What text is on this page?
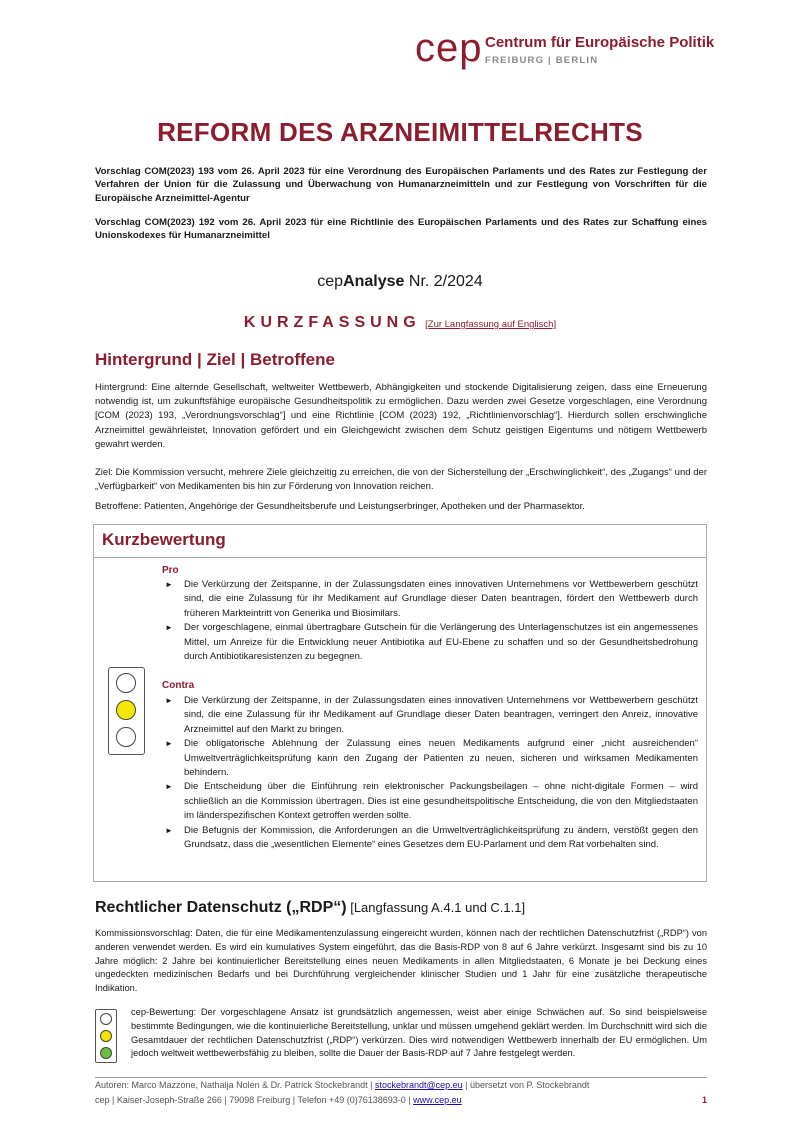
cep Centrum für Europäische Politik
FREIBURG | BERLIN
REFORM DES ARZNEIMITTELRECHTS
Vorschlag COM(2023) 193 vom 26. April 2023 für eine Verordnung des Europäischen Parlaments und des Rates zur Festlegung der Verfahren der Union für die Zulassung und Überwachung von Humanarzneimitteln und zur Festlegung von Vorschriften für die Europäische Arzneimittel-Agentur
Vorschlag COM(2023) 192 vom 26. April 2023 für eine Richtlinie des Europäischen Parlaments und des Rates zur Schaffung eines Unionskodexes für Humanarzneimittel
cepAnalyse Nr. 2/2024
KURZFASSUNG [Zur Langfassung auf Englisch]
Hintergrund | Ziel | Betroffene
Hintergrund: Eine alternde Gesellschaft, weltweiter Wettbewerb, Abhängigkeiten und stockende Digitalisierung zeigen, dass eine Erneuerung notwendig ist, um zukunftsfähige europäische Gesundheitspolitik zu ermöglichen. Dazu werden zwei Gesetze vorgeschlagen, eine Verordnung [COM (2023) 193, „Verordnungsvorschlag“] und eine Richtlinie [COM (2023) 192, „Richtlinienvorschlag“]. Hierdurch sollen erschwingliche Arzneimittel gewährleistet, Innovation gefördert und ein Gleichgewicht zwischen dem Schutz geistigen Eigentums und nötigem Wettbewerb gewahrt werden.
Ziel: Die Kommission versucht, mehrere Ziele gleichzeitig zu erreichen, die von der Sicherstellung der „Erschwinglichkeit“, des „Zugangs“ und der „Verfügbarkeit“ von Medikamenten bis hin zur Förderung von Innovation reichen.
Betroffene: Patienten, Angehörige der Gesundheitsberufe und Leistungserbringer, Apotheken und der Pharmasektor.
Kurzbewertung
Pro
► Die Verkürzung der Zeitspanne, in der Zulassungsdaten eines innovativen Unternehmens vor Wettbewerbern geschützt sind, die eine Zulassung für ihr Medikament auf Grundlage dieser Daten beantragen, fördert den Wettbewerb durch früheren Markteintritt von Generika und Biosimilars.
► Der vorgeschlagene, einmal übertragbare Gutschein für die Verlängerung des Unterlagenschutzes ist ein angemessenes Mittel, um Anreize für die Entwicklung neuer Antibiotika auf EU-Ebene zu schaffen und so der Gesundheitsbedrohung durch Antibiotikaresistenzen zu begegnen.
Contra
► Die Verkürzung der Zeitspanne, in der Zulassungsdaten eines innovativen Unternehmens vor Wettbewerbern geschützt sind, die eine Zulassung für ihr Medikament auf Grundlage dieser Daten beantragen, verringert den Anreiz, innovative Arzneimittel auf den Markt zu bringen.
► Die obligatorische Ablehnung der Zulassung eines neuen Medikaments aufgrund einer „nicht ausreichenden“ Umweltverträglichkeitsprüfung kann den Zugang der Patienten zu neuen, sicheren und wirksamen Medikamenten behindern.
► Die Entscheidung über die Einführung rein elektronischer Packungsbeilagen – ohne nicht-digitale Formen – wird schließlich an die Kommission übertragen. Dies ist eine gesundheitspolitische Entscheidung, die von den Mitgliedstaaten im länderspezifischen Kontext getroffen werden sollte.
► Die Befugnis der Kommission, die Anforderungen an die Umweltverträglichkeitsprüfung zu ändern, verstößt gegen den Grundsatz, dass die „wesentlichen Elemente“ eines Gesetzes dem EU-Parlament und dem Rat vorbehalten sind.
Rechtlicher Datenschutz („RDP“) [Langfassung A.4.1 und C.1.1]
Kommissionsvorschlag: Daten, die für eine Medikamentenzulassung eingereicht wurden, können nach der rechtlichen Datenschutzfrist („RDP“) von anderen verwendet werden. Es wird ein kumulatives System eingeführt, das die Basis-RDP von 8 auf 6 Jahre verkürzt. Insgesamt sind bis zu 10 Jahre möglich: 2 Jahre bei kontinuierlicher Bereitstellung eines neuen Medikaments in allen Mitgliedstaaten, 6 Monate je bei Deckung eines ungedeckten medizinischen Bedarfs und bei Durchführung vergleichender klinischer Studien und 1 Jahr für eine zusätzliche therapeutische Indikation.
cep-Bewertung: Der vorgeschlagene Ansatz ist grundsätzlich angemessen, weist aber einige Schwächen auf. So sind beispielsweise bestimmte Bedingungen, wie die kontinuierliche Bereitstellung, unklar und müssen umgehend geklärt werden. Im Durchschnitt wird sich die Gesamtdauer der rechtlichen Datenschutzfrist („RDP“) verkürzen. Dies wird notwendigen Wettbewerb innerhalb der EU ermöglichen. Um jedoch weltweit wettbewerbsfähig zu bleiben, sollte die Dauer der Basis-RDP auf 7 Jahre festgelegt werden.
Autoren: Marco Mazzone, Nathalja Nolen & Dr. Patrick Stockebrandt | stockebrandt@cep.eu | übersetzt von P. Stockebrandt
cep | Kaiser-Joseph-Straße 266 | 79098 Freiburg | Telefon +49 (0)76138693-0 | www.cep.eu	1
